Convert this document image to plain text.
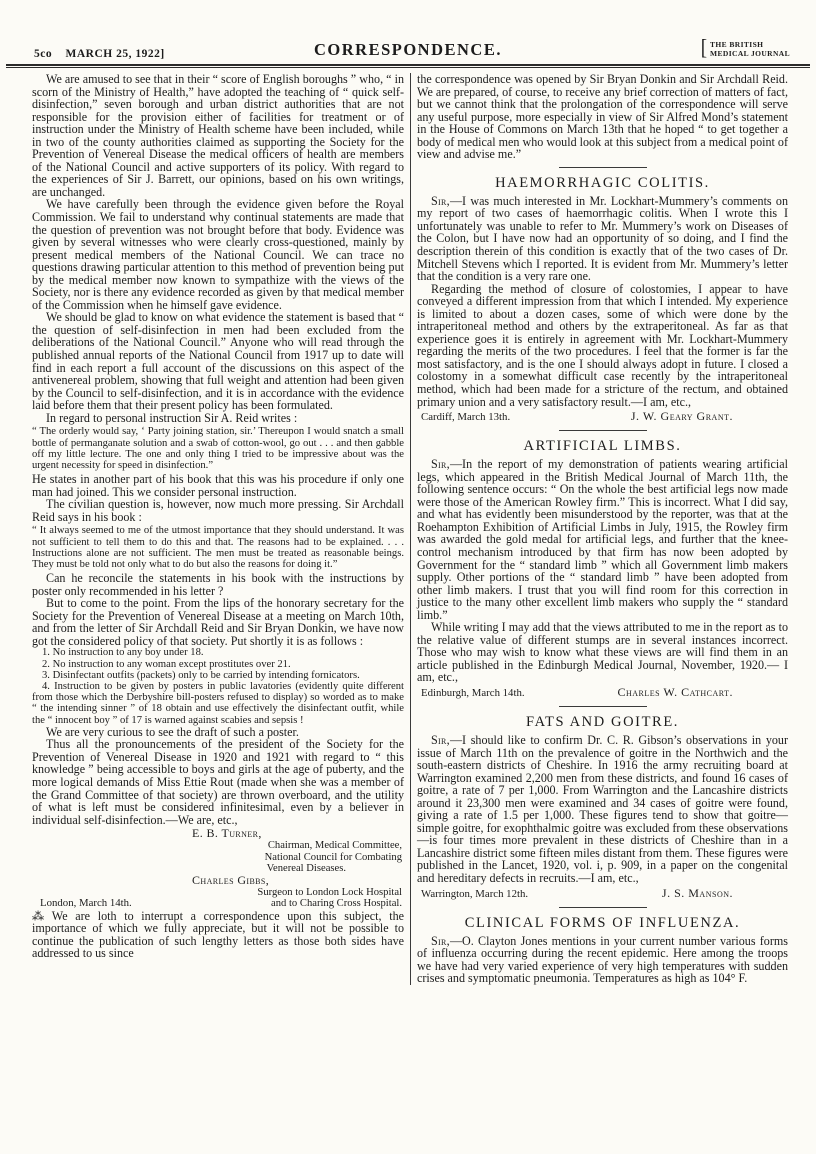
5co MARCH 25, 1922]	CORRESPONDENCE.	[ THE BRITISH
MEDICAL JOURNAL

We are amused to see that in their “ score of English boroughs ” who, “ in scorn of the Ministry of Health,” have adopted the teaching of “ quick self-disinfection,” seven borough and urban district authorities that are not responsible for the provision either of facilities for treatment or of instruction under the Ministry of Health scheme have been included, while in two of the county authorities claimed as supporting the Society for the Prevention of Venereal Disease the medical officers of health are members of the National Council and active supporters of its policy. With regard to the experiences of Sir J. Barrett, our opinions, based on his own writings, are unchanged.

We have carefully been through the evidence given before the Royal Commission. We fail to understand why continual statements are made that the question of prevention was not brought before that body. Evidence was given by several witnesses who were clearly cross-questioned, mainly by present medical members of the National Council. We can trace no questions drawing particular attention to this method of prevention being put by the medical member now known to sympathize with the views of the Society, nor is there any evidence recorded as given by that medical member of the Commission when he himself gave evidence.

We should be glad to know on what evidence the statement is based that “ the question of self-disinfection in men had been excluded from the deliberations of the National Council.” Anyone who will read through the published annual reports of the National Council from 1917 up to date will find in each report a full account of the discussions on this aspect of the antivenereal problem, showing that full weight and attention had been given by the Council to self-disinfection, and it is in accordance with the evidence laid before them that their present policy has been formulated.

In regard to personal instruction Sir A. Reid writes :

“ The orderly would say, ‘ Party joining station, sir.’ Thereupon I would snatch a small bottle of permanganate solution and a swab of cotton-wool, go out . . . and then gabble off my little lecture. The one and only thing I tried to be impressive about was the urgent necessity for speed in disinfection.”

He states in another part of his book that this was his procedure if only one man had joined. This we consider personal instruction.

The civilian question is, however, now much more pressing. Sir Archdall Reid says in his book :

“ It always seemed to me of the utmost importance that they should understand. It was not sufficient to tell them to do this and that. The reasons had to be explained. . . . Instructions alone are not sufficient. The men must be treated as reasonable beings. They must be told not only what to do but also the reasons for doing it.”

Can he reconcile the statements in his book with the instructions by poster only recommended in his letter ?

But to come to the point. From the lips of the honorary secretary for the Society for the Prevention of Venereal Disease at a meeting on March 10th, and from the letter of Sir Archdall Reid and Sir Bryan Donkin, we have now got the considered policy of that society. Put shortly it is as follows :

1. No instruction to any boy under 18.

2. No instruction to any woman except prostitutes over 21.

3. Disinfectant outfits (packets) only to be carried by intending fornicators.

4. Instruction to be given by posters in public lavatories (evidently quite different from those which the Derbyshire bill-posters refused to display) so worded as to make “ the intending sinner ” of 18 obtain and use effectively the disinfectant outfit, while the “ innocent boy ” of 17 is warned against scabies and sepsis !

We are very curious to see the draft of such a poster.

Thus all the pronouncements of the president of the Society for the Prevention of Venereal Disease in 1920 and 1921 with regard to “ this knowledge ” being accessible to boys and girls at the age of puberty, and the more logical demands of Miss Ettie Rout (made when she was a member of the Grand Committee of that society) are thrown overboard, and the utility of what is left must be considered infinitesimal, even by a believer in individual self-disinfection.—We are, etc.,

E. B. Turner,
Chairman, Medical Committee,
National Council for Combating
Venereal Diseases.
Charles Gibbs,
Surgeon to London Lock Hospital
and to Charing Cross Hospital.
London, March 14th.

⁂ We are loth to interrupt a correspondence upon this subject, the importance of which we fully appreciate, but it will not be possible to continue the publication of such lengthy letters as those both sides have addressed to us since

the correspondence was opened by Sir Bryan Donkin and Sir Archdall Reid. We are prepared, of course, to receive any brief correction of matters of fact, but we cannot think that the prolongation of the correspondence will serve any useful purpose, more especially in view of Sir Alfred Mond’s statement in the House of Commons on March 13th that he hoped “ to get together a body of medical men who would look at this subject from a medical point of view and advise me.”

HAEMORRHAGIC COLITIS.

Sir,—I was much interested in Mr. Lockhart-Mummery’s comments on my report of two cases of haemorrhagic colitis. When I wrote this I unfortunately was unable to refer to Mr. Mummery’s work on Diseases of the Colon, but I have now had an opportunity of so doing, and I find the description therein of this condition is exactly that of the two cases of Dr. Mitchell Stevens which I reported. It is evident from Mr. Mummery’s letter that the condition is a very rare one.

Regarding the method of closure of colostomies, I appear to have conveyed a different impression from that which I intended. My experience is limited to about a dozen cases, some of which were done by the intraperitoneal method and others by the extraperitoneal. As far as that experience goes it is entirely in agreement with Mr. Lockhart-Mummery regarding the merits of the two procedures. I feel that the former is far the most satisfactory, and is the one I should always adopt in future. I closed a colostomy in a somewhat difficult case recently by the intraperitoneal method, which had been made for a stricture of the rectum, and obtained primary union and a very satisfactory result.—I am, etc.,

Cardiff, March 13th.	J. W. Geary Grant.
ARTIFICIAL LIMBS.

Sir,—In the report of my demonstration of patients wearing artificial legs, which appeared in the British Medical Journal of March 11th, the following sentence occurs: “ On the whole the best artificial legs now made were those of the American Rowley firm.” This is incorrect. What I did say, and what has evidently been misunderstood by the reporter, was that at the Roehampton Exhibition of Artificial Limbs in July, 1915, the Rowley firm was awarded the gold medal for artificial legs, and further that the knee-control mechanism introduced by that firm has now been adopted by Government for the “ standard limb ” which all Government limb makers supply. Other portions of the “ standard limb ” have been adopted from other limb makers. I trust that you will find room for this correction in justice to the many other excellent limb makers who supply the “ standard limb.”

While writing I may add that the views attributed to me in the report as to the relative value of different stumps are in several instances incorrect. Those who may wish to know what these views are will find them in an article published in the Edinburgh Medical Journal, November, 1920.— I am, etc.,

Edinburgh, March 14th.	Charles W. Cathcart.
FATS AND GOITRE.

Sir,—I should like to confirm Dr. C. R. Gibson’s observations in your issue of March 11th on the prevalence of goitre in the Northwich and the south-eastern districts of Cheshire. In 1916 the army recruiting board at Warrington examined 2,200 men from these districts, and found 16 cases of goitre, a rate of 7 per 1,000. From Warrington and the Lancashire districts around it 23,300 men were examined and 34 cases of goitre were found, giving a rate of 1.5 per 1,000. These figures tend to show that goitre—simple goitre, for exophthalmic goitre was excluded from these observations—is four times more prevalent in these districts of Cheshire than in a Lancashire district some fifteen miles distant from them. These figures were published in the Lancet, 1920, vol. i, p. 909, in a paper on the congenital and hereditary defects in recruits.—I am, etc.,

Warrington, March 12th.	J. S. Manson.
CLINICAL FORMS OF INFLUENZA.

Sir,—O. Clayton Jones mentions in your current number various forms of influenza occurring during the recent epidemic. Here among the troops we have had very varied experience of very high temperatures with sudden crises and symptomatic pneumonia. Temperatures as high as 104° F.
